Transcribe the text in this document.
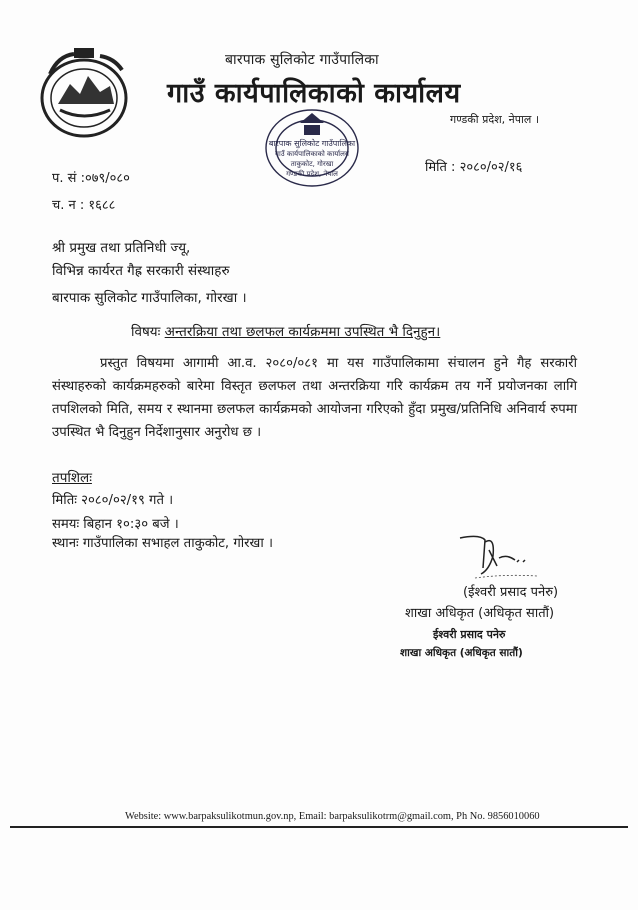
बारपाक सुलिकोट गाउँपालिका
गाउँ कार्यपालिकाको कार्यालय
गण्डकी प्रदेश, नेपाल ।
बारपाक सुलिकोट गाउँपालिका
गाउँ कार्यपालिकाको कार्यालय
ताकुकोट, गोरखा
गण्डकी प्रदेश, नेपाल
प. सं :०७९/०८०
च. न : १६८८
मिति : २०८०/०२/१६
श्री प्रमुख तथा प्रतिनिधी ज्यू,
विभिन्न कार्यरत गैह्र सरकारी संस्थाहरु
बारपाक सुलिकोट गाउँपालिका, गोरखा ।
विषयः अन्तरक्रिया तथा छलफल कार्यक्रममा उपस्थित भै दिनुहुन।
प्रस्तुत विषयमा आगामी आ.व. २०८०/०८१ मा यस गाउँपालिकामा संचालन हुने गैह सरकारी संस्थाहरुको कार्यक्रमहरुको बारेमा विस्तृत छलफल तथा अन्तरक्रिया गरि कार्यक्रम तय गर्ने प्रयोजनका लागि तपशिलको मिति, समय र स्थानमा छलफल कार्यक्रमको आयोजना गरिएको हुँदा प्रमुख/प्रतिनिधि अनिवार्य रुपमा उपस्थित भै दिनुहुन निर्देशानुसार अनुरोध छ ।
तपशिलः
मितिः २०८०/०२/१९ गते ।
समयः बिहान १०:३० बजे ।
स्थानः गाउँपालिका सभाहल ताकुकोट, गोरखा ।
(ईश्वरी प्रसाद पनेरु)
शाखा अधिकृत (अधिकृत सातौं)
ईश्वरी प्रसाद पनेरु
शाखा अधिकृत (अधिकृत सातौं)
Website: www.barpaksulikotmun.gov.np, Email: barpaksulikotrm@gmail.com, Ph No. 9856010060
